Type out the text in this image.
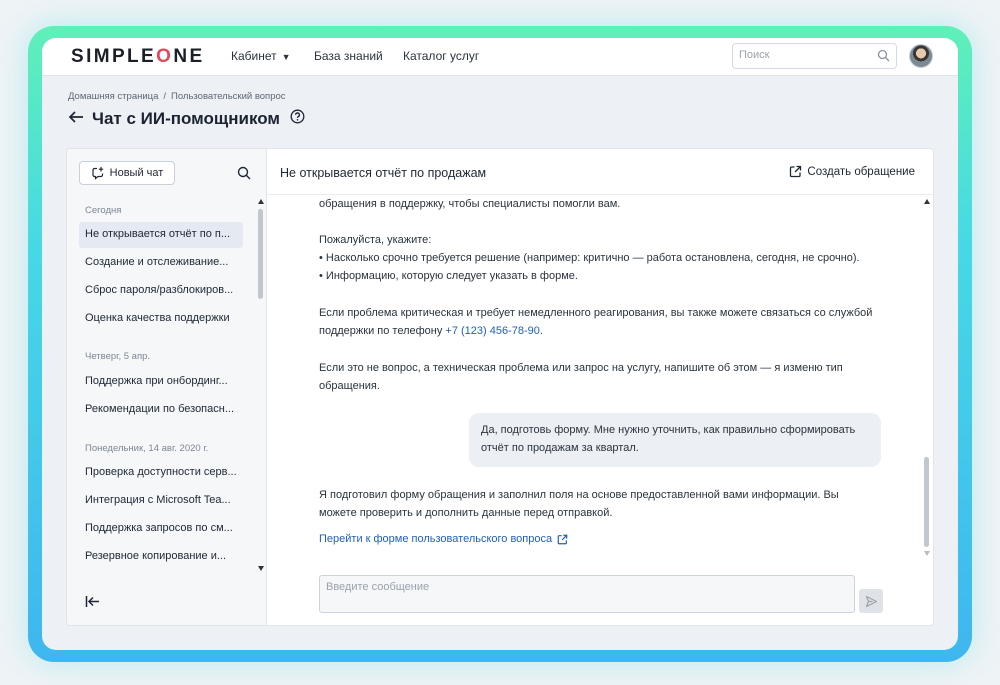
SIMPLEONE Кабинет ▼ База знаний Каталог услуг
Поиск
Домашняя страница / Пользовательский вопрос
Чат с ИИ-помощником
Новый чат
Сегодня
Не открывается отчёт по п...
Создание и отслеживание...
Сброс пароля/разблокиров...
Оценка качества поддержки
Четверг, 5 апр.
Поддержка при онбординг...
Рекомендации по безопасн...
Понедельник, 14 авг. 2020 г.
Проверка доступности серв...
Интеграция с Microsoft Tea...
Поддержка запросов по см...
Резервное копирование и...
Не открывается отчёт по продажам	Создать обращение
обращения в поддержку, чтобы специалисты помогли вам.
Пожалуйста, укажите:
• Насколько срочно требуется решение (например: критично — работа остановлена, сегодня, не срочно).
• Информацию, которую следует указать в форме.
Если проблема критическая и требует немедленного реагирования, вы также можете связаться со службой
поддержки по телефону +7 (123) 456-78-90.
Если это не вопрос, а техническая проблема или запрос на услугу, напишите об этом — я изменю тип
обращения.
Да, подготовь форму. Мне нужно уточнить, как правильно сформировать
отчёт по продажам за квартал.
Я подготовил форму обращения и заполнил поля на основе предоставленной вами информации. Вы
можете проверить и дополнить данные перед отправкой.
Перейти к форме пользовательского вопроса
Введите сообщение
